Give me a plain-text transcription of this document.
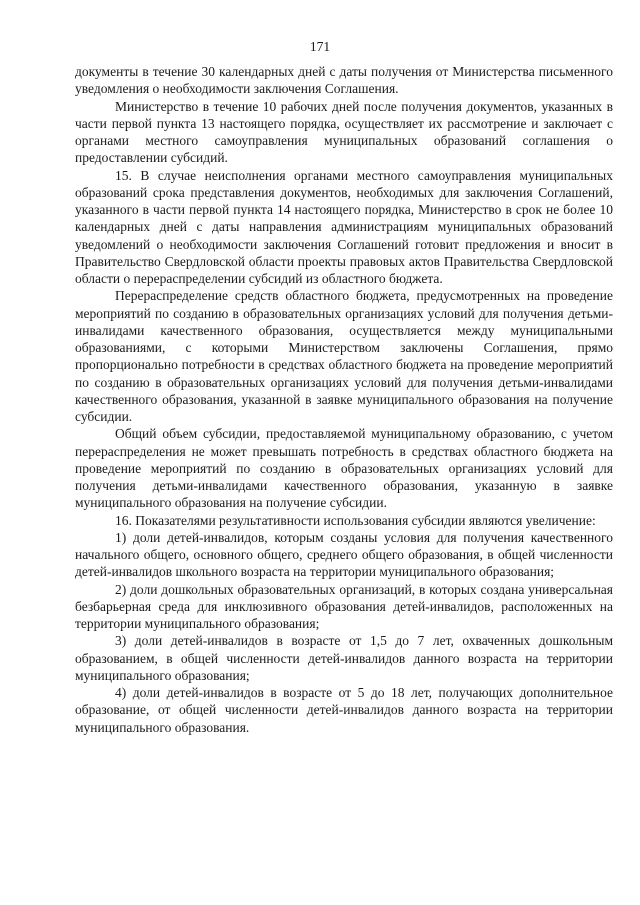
171

документы в течение 30 календарных дней с даты получения от Министерства письменного уведомления о необходимости заключения Соглашения.

Министерство в течение 10 рабочих дней после получения документов, указанных в части первой пункта 13 настоящего порядка, осуществляет их рассмотрение и заключает с органами местного самоуправления муниципальных образований соглашения о предоставлении субсидий.

15. В случае неисполнения органами местного самоуправления муниципальных образований срока представления документов, необходимых для заключения Соглашений, указанного в части первой пункта 14 настоящего порядка, Министерство в срок не более 10 календарных дней с даты направления администрациям муниципальных образований уведомлений о необходимости заключения Соглашений готовит предложения и вносит в Правительство Свердловской области проекты правовых актов Правительства Свердловской области о перераспределении субсидий из областного бюджета.

Перераспределение средств областного бюджета, предусмотренных на проведение мероприятий по созданию в образовательных организациях условий для получения детьми-инвалидами качественного образования, осуществляется между муниципальными образованиями, с которыми Министерством заключены Соглашения, прямо пропорционально потребности в средствах областного бюджета на проведение мероприятий по созданию в образовательных организациях условий для получения детьми-инвалидами качественного образования, указанной в заявке муниципального образования на получение субсидии.

Общий объем субсидии, предоставляемой муниципальному образованию, с учетом перераспределения не может превышать потребность в средствах областного бюджета на проведение мероприятий по созданию в образовательных организациях условий для получения детьми-инвалидами качественного образования, указанную в заявке муниципального образования на получение субсидии.

16. Показателями результативности использования субсидии являются увеличение:

1) доли детей-инвалидов, которым созданы условия для получения качественного начального общего, основного общего, среднего общего образования, в общей численности детей-инвалидов школьного возраста на территории муниципального образования;

2) доли дошкольных образовательных организаций, в которых создана универсальная безбарьерная среда для инклюзивного образования детей-инвалидов, расположенных на территории муниципального образования;

3) доли детей-инвалидов в возрасте от 1,5 до 7 лет, охваченных дошкольным образованием, в общей численности детей-инвалидов данного возраста на территории муниципального образования;

4) доли детей-инвалидов в возрасте от 5 до 18 лет, получающих дополнительное образование, от общей численности детей-инвалидов данного возраста на территории муниципального образования.
